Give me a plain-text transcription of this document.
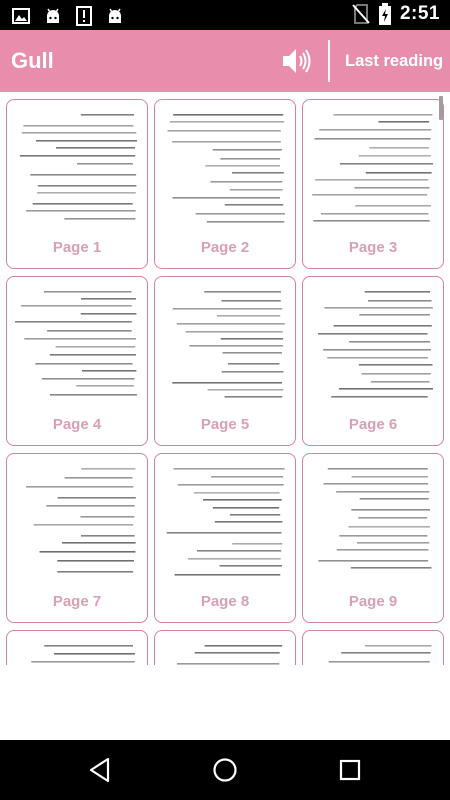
2:51
Gull	Last reading
Page 1	Page 2	Page 3
Page 4	Page 5	Page 6
Page 7	Page 8	Page 9
